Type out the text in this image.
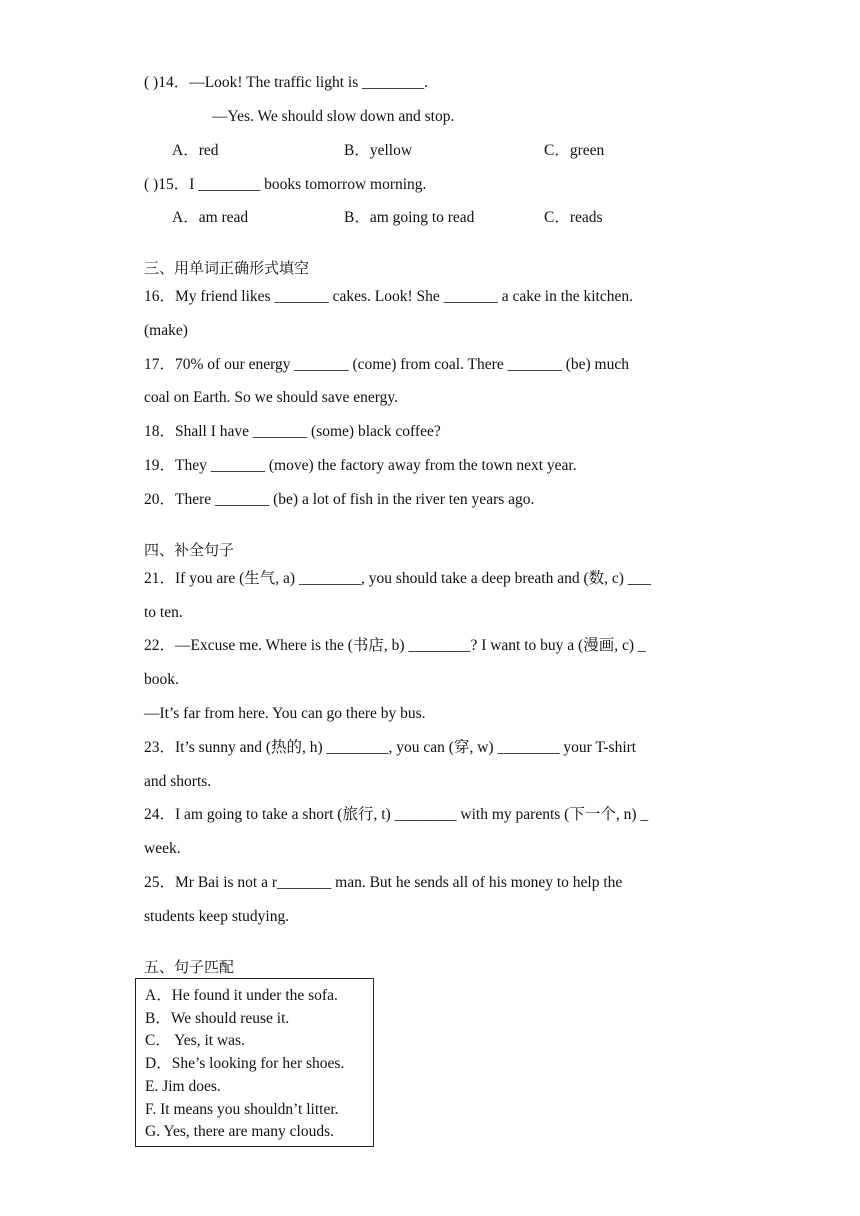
( )14．—Look! The traffic light is ________.
—Yes. We should slow down and stop.
A．red	B．yellow	C．green
( )15．I ________ books tomorrow morning.
A．am read	B．am going to read	C．reads
三、用单词正确形式填空
16．My friend likes _______ cakes. Look! She _______ a cake in the kitchen.
(make)
17．70% of our energy _______ (come) from coal. There _______ (be) much
coal on Earth. So we should save energy.
18．Shall I have _______ (some) black coffee?
19．They _______ (move) the factory away from the town next year.
20．There _______ (be) a lot of fish in the river ten years ago.
四、补全句子
21．If you are (生气, a) ________, you should take a deep breath and (数, c) ___
to ten.
22．—Excuse me. Where is the (书店, b) ________? I want to buy a (漫画, c) _
book.
—It’s far from here. You can go there by bus.
23．It’s sunny and (热的, h) ________, you can (穿, w) ________ your T-shirt
and shorts.
24．I am going to take a short (旅行, t) ________ with my parents (下一个, n) _
week.
25．Mr Bai is not a r_______ man. But he sends all of his money to help the
students keep studying.
五、句子匹配
A．He found it under the sofa.
B．We should reuse it.
C． Yes, it was.
D．She’s looking for her shoes.
E. Jim does.
F. It means you shouldn’t litter.
G. Yes, there are many clouds.
